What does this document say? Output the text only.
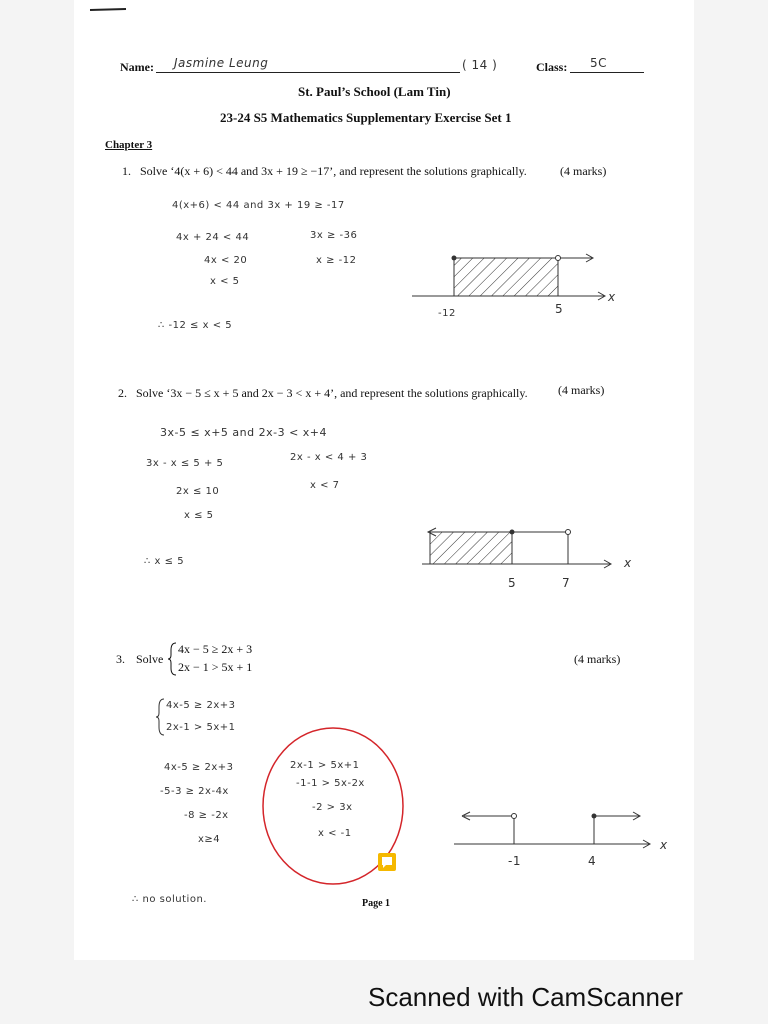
Name: Jasmine Leung	( 14 )	Class: 5C
St. Paul’s School (Lam Tin)
23-24 S5 Mathematics Supplementary Exercise Set 1
Chapter 3
1. Solve ‘4(x + 6) < 44 and 3x + 19 ≥ −17’, and represent the solutions graphically.	(4 marks)
4(x+6) < 44 and 3x + 19 ≥ -17
4x + 24 < 44
4x < 20
x < 5
3x ≥ -36
x ≥ -12
∴ -12 ≤ x < 5
-12	5
x
2. Solve ‘3x − 5 ≤ x + 5 and 2x − 3 < x + 4’, and represent the solutions graphically.	(4 marks)
3x-5 ≤ x+5 and 2x-3 < x+4
3x - x ≤ 5 + 5
2x ≤ 10
x ≤ 5
2x - x < 4 + 3
x < 7
∴ x ≤ 5
5	7
x
3. Solve
4x − 5 ≥ 2x + 3
2x − 1 > 5x + 1
(4 marks)
4x-5 ≥ 2x+3
2x-1 > 5x+1
4x-5 ≥ 2x+3
-5-3 ≥ 2x-4x
-8 ≥ -2x
x≥4
2x-1 > 5x+1
-1-1 > 5x-2x
-2 > 3x
x < -1
-1	4
x
∴ no solution.	Page 1
Scanned with CamScanner
